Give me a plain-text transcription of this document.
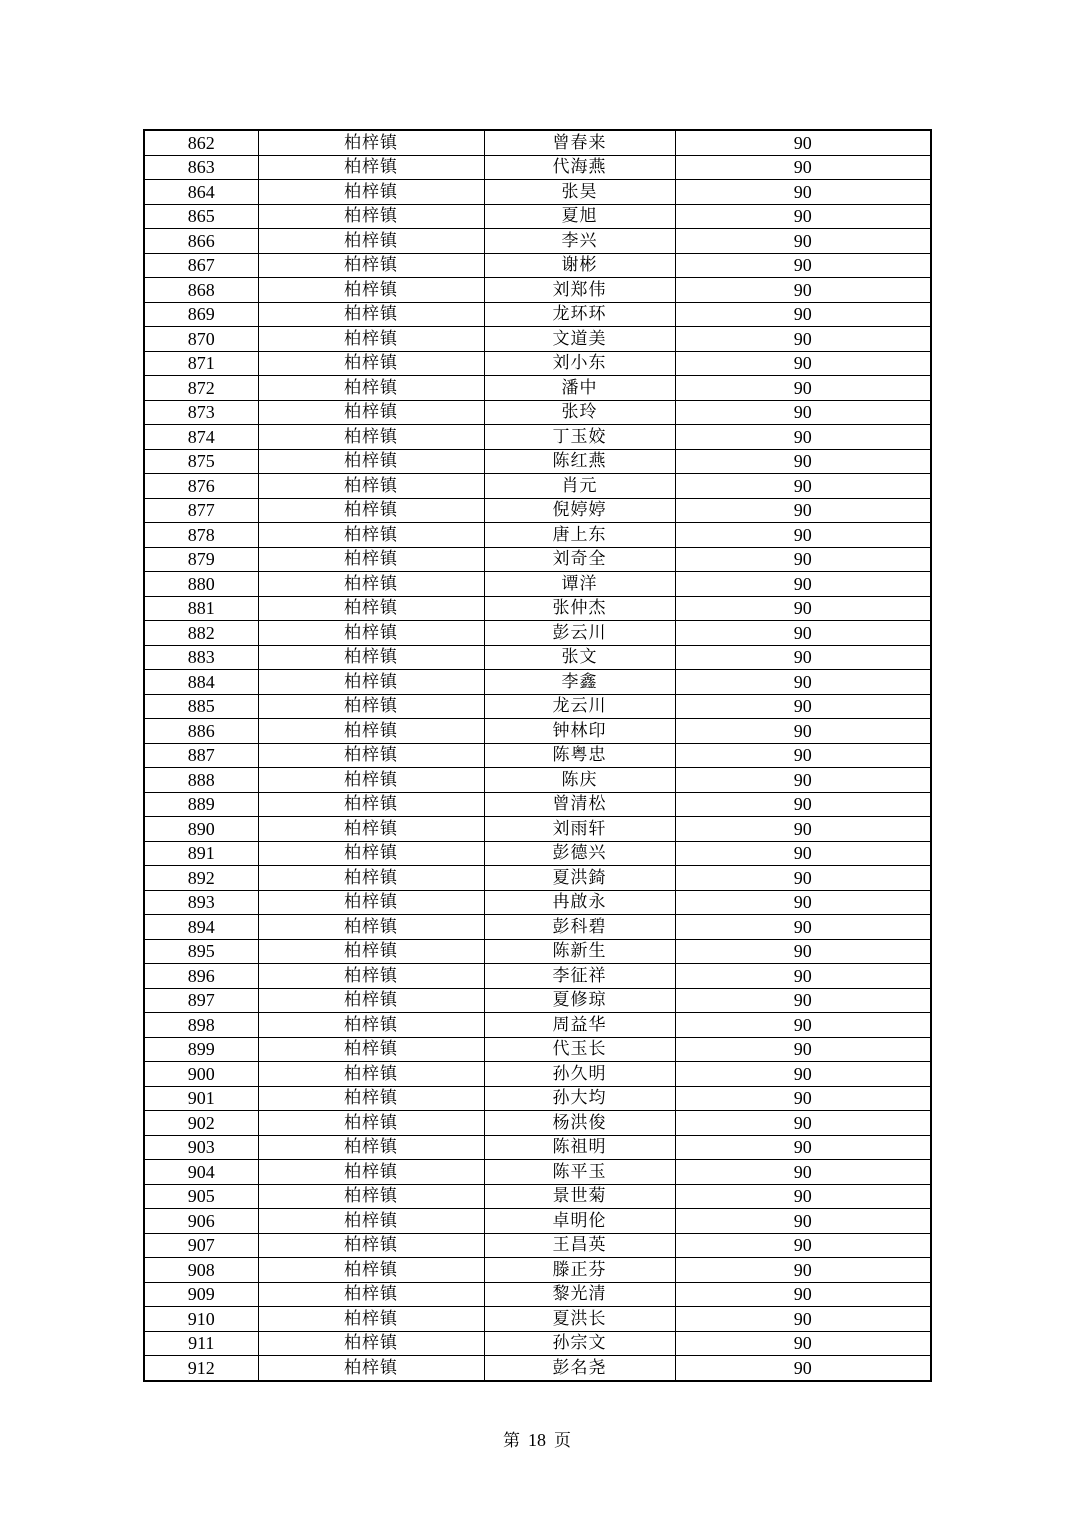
862	柏梓镇	曾春来	90
863	柏梓镇	代海燕	90
864	柏梓镇	张昊	90
865	柏梓镇	夏旭	90
866	柏梓镇	李兴	90
867	柏梓镇	谢彬	90
868	柏梓镇	刘郑伟	90
869	柏梓镇	龙环环	90
870	柏梓镇	文道美	90
871	柏梓镇	刘小东	90
872	柏梓镇	潘中	90
873	柏梓镇	张玲	90
874	柏梓镇	丁玉姣	90
875	柏梓镇	陈红燕	90
876	柏梓镇	肖元	90
877	柏梓镇	倪婷婷	90
878	柏梓镇	唐上东	90
879	柏梓镇	刘奇全	90
880	柏梓镇	谭洋	90
881	柏梓镇	张仲杰	90
882	柏梓镇	彭云川	90
883	柏梓镇	张文	90
884	柏梓镇	李鑫	90
885	柏梓镇	龙云川	90
886	柏梓镇	钟林印	90
887	柏梓镇	陈粤忠	90
888	柏梓镇	陈庆	90
889	柏梓镇	曾清松	90
890	柏梓镇	刘雨轩	90
891	柏梓镇	彭德兴	90
892	柏梓镇	夏洪錡	90
893	柏梓镇	冉啟永	90
894	柏梓镇	彭科碧	90
895	柏梓镇	陈新生	90
896	柏梓镇	李征祥	90
897	柏梓镇	夏修琼	90
898	柏梓镇	周益华	90
899	柏梓镇	代玉长	90
900	柏梓镇	孙久明	90
901	柏梓镇	孙大均	90
902	柏梓镇	杨洪俊	90
903	柏梓镇	陈祖明	90
904	柏梓镇	陈平玉	90
905	柏梓镇	景世菊	90
906	柏梓镇	卓明伦	90
907	柏梓镇	王昌英	90
908	柏梓镇	滕正芬	90
909	柏梓镇	黎光清	90
910	柏梓镇	夏洪长	90
911	柏梓镇	孙宗文	90
912	柏梓镇	彭名尧	90
第 18 页
